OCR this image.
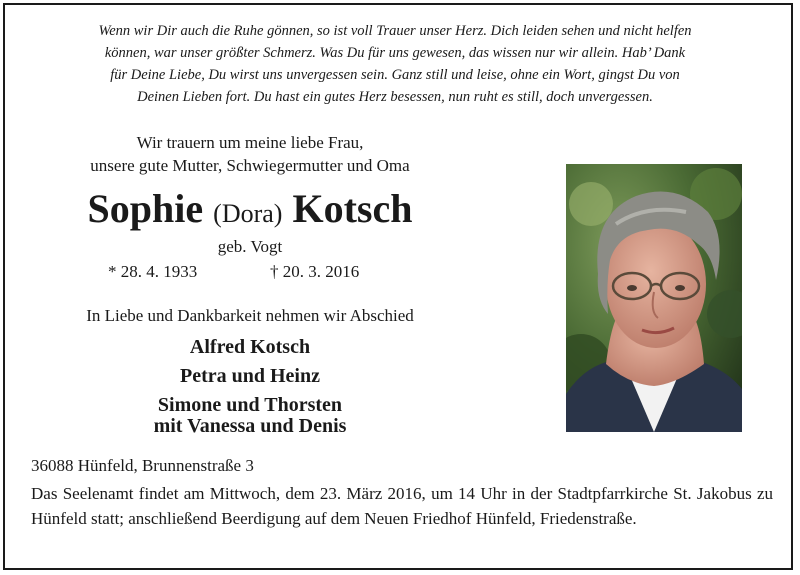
Wenn wir Dir auch die Ruhe gönnen, so ist voll Trauer unser Herz. Dich leiden sehen und nicht helfen
können, war unser größter Schmerz. Was Du für uns gewesen, das wissen nur wir allein. Hab’ Dank
für Deine Liebe, Du wirst uns unvergessen sein. Ganz still und leise, ohne ein Wort, gingst Du von
Deinen Lieben fort. Du hast ein gutes Herz besessen, nun ruht es still, doch unvergessen.
Wir trauern um meine liebe Frau,
unsere gute Mutter, Schwiegermutter und Oma
Sophie (Dora) Kotsch
geb. Vogt
* 28. 4. 1933	† 20. 3. 2016
In Liebe und Dankbarkeit nehmen wir Abschied
Alfred Kotsch
Petra und Heinz
Simone und Thorsten
mit Vanessa und Denis
36088 Hünfeld, Brunnenstraße 3
Das Seelenamt findet am Mittwoch, dem 23. März 2016, um 14 Uhr in der Stadtpfarrkirche St. Jakobus zu Hünfeld statt; anschließend Beerdigung auf dem Neuen Friedhof Hünfeld, Friedenstraße.
